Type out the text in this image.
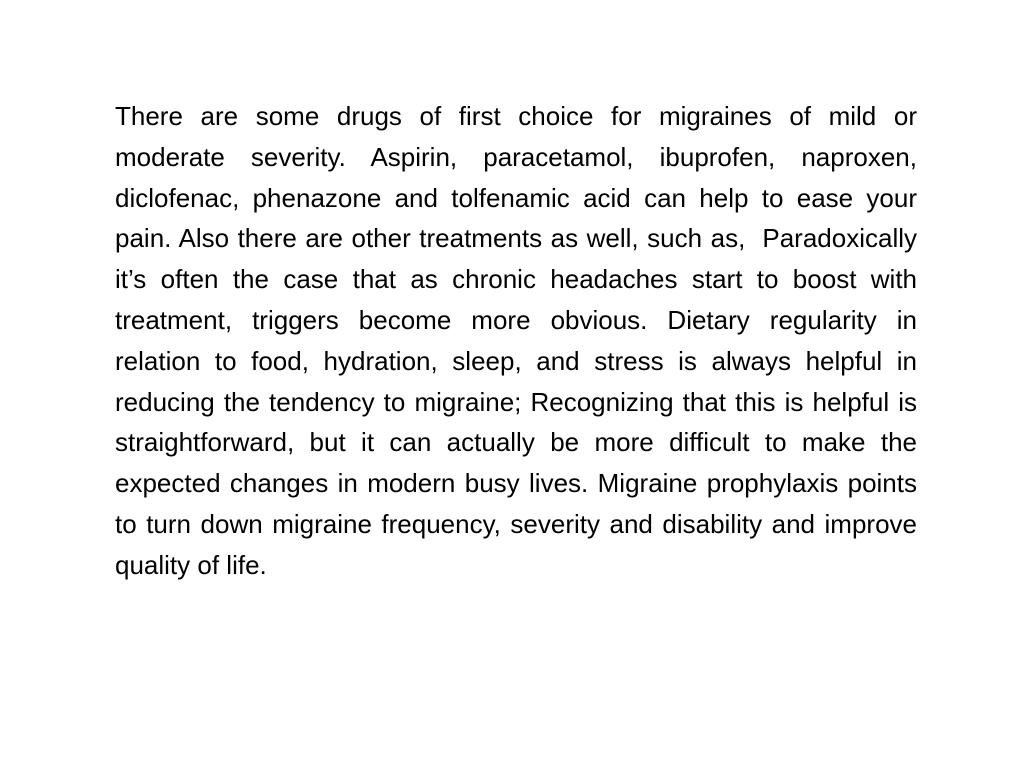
There are some drugs of first choice for migraines of mild or moderate severity. Aspirin, paracetamol, ibuprofen, naproxen, diclofenac, phenazone and tolfenamic acid can help to ease your pain. Also there are other treatments as well, such as,  Paradoxically it’s often the case that as chronic headaches start to boost with treatment, triggers become more obvious. Dietary regularity in relation to food, hydration, sleep, and stress is always helpful in reducing the tendency to migraine; Recognizing that this is helpful is straightforward, but it can actually be more difficult to make the expected changes in modern busy lives. Migraine prophylaxis points to turn down migraine frequency, severity and disability and improve quality of life.
